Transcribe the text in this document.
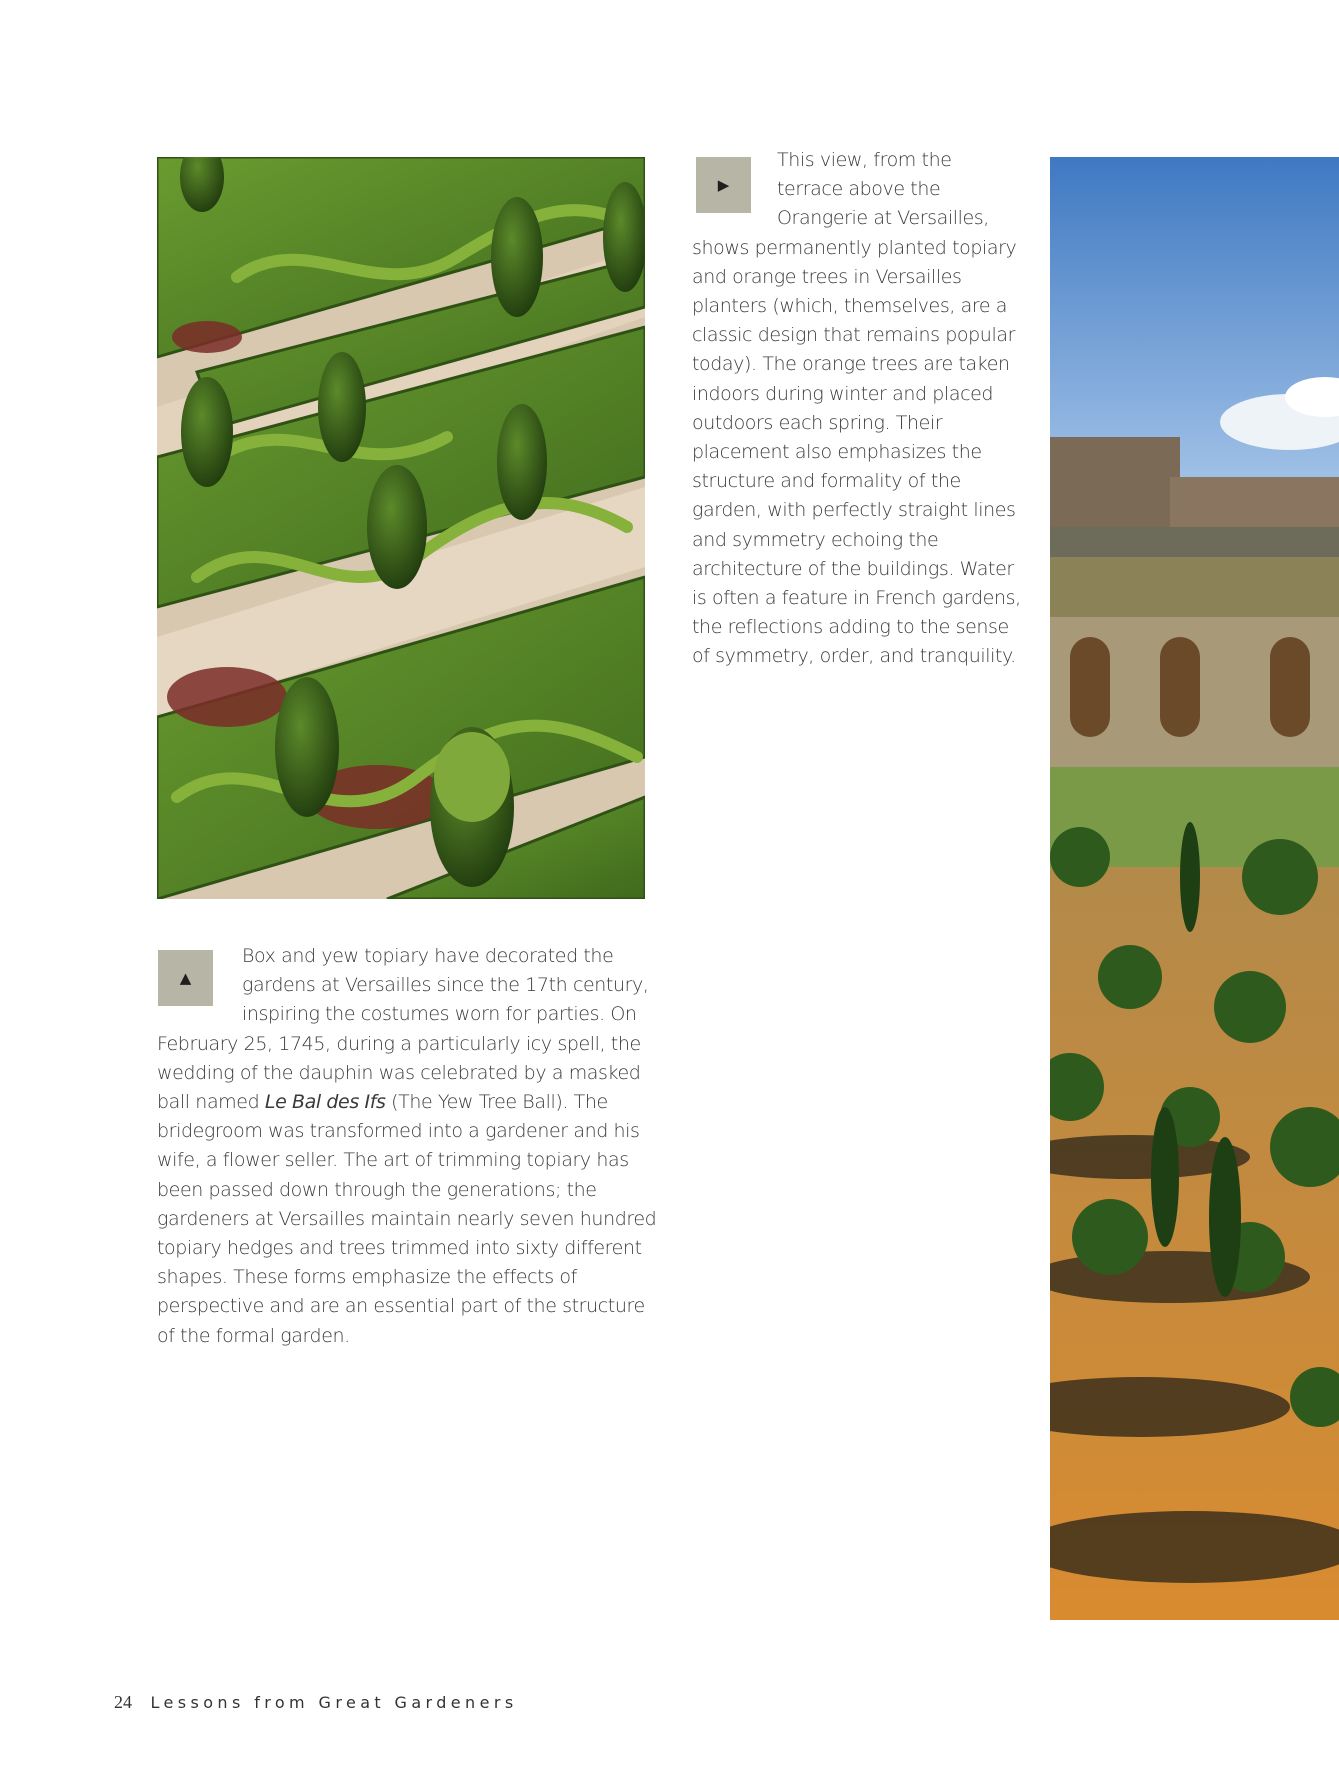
▲

Box and yew topiary have decorated the
gardens at Versailles since the 17th century,
inspiring the costumes worn for parties. On
February 25, 1745, during a particularly icy spell, the
wedding of the dauphin was celebrated by a masked
ball named Le Bal des Ifs (The Yew Tree Ball). The
bridegroom was transformed into a gardener and his
wife, a flower seller. The art of trimming topiary has
been passed down through the generations; the
gardeners at Versailles maintain nearly seven hundred
topiary hedges and trees trimmed into sixty different
shapes. These forms emphasize the effects of
perspective and are an essential part of the structure
of the formal garden.

▶

This view, from the
terrace above the
Orangerie at Versailles,
shows permanently planted topiary
and orange trees in Versailles
planters (which, themselves, are a
classic design that remains popular
today). The orange trees are taken
indoors during winter and placed
outdoors each spring. Their
placement also emphasizes the
structure and formality of the
garden, with perfectly straight lines
and symmetry echoing the
architecture of the buildings. Water
is often a feature in French gardens,
the reflections adding to the sense
of symmetry, order, and tranquility.

24 Lessons from Great Gardeners
